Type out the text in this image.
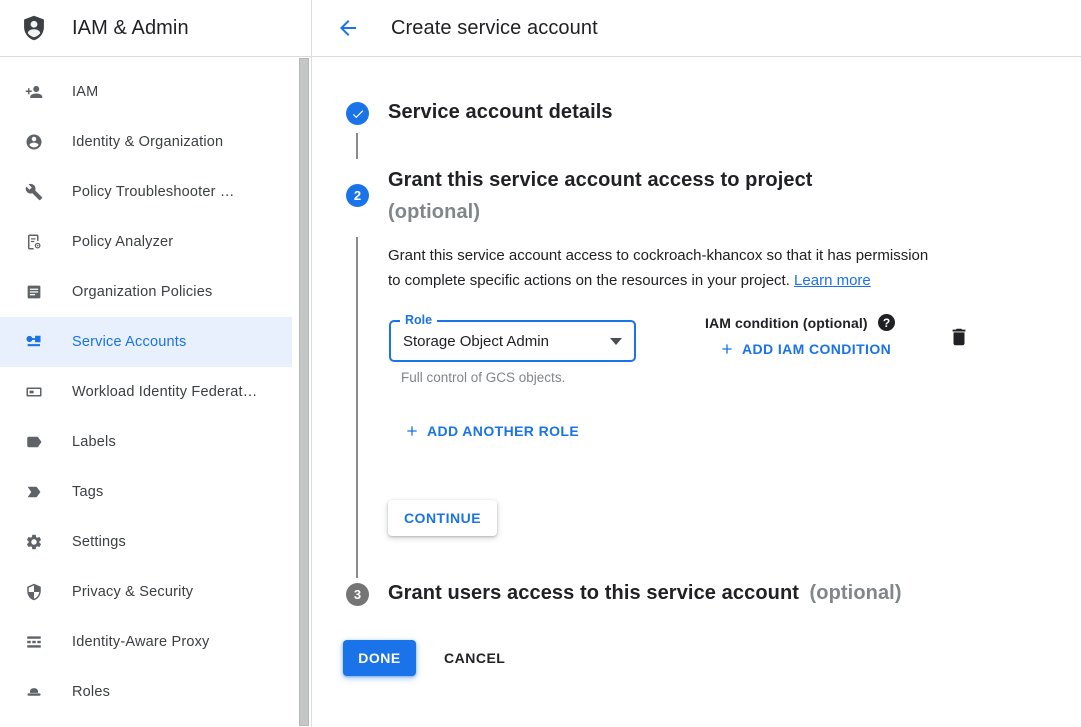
IAM & Admin	Create service account
IAM
Identity & Organization
Policy Troubleshooter …
Policy Analyzer
Organization Policies
Service Accounts
Workload Identity Federat…
Labels
Tags
Settings
Privacy & Security
Identity-Aware Proxy
Roles
Service account details
2
Grant this service account access to project
(optional)

Grant this service account access to cockroach-khancox so that it has permission
to complete specific actions on the resources in your project. Learn more

Role
Storage Object Admin
Full control of GCS objects.
IAM condition (optional) ?
ADD IAM CONDITION
ADD ANOTHER ROLE
CONTINUE
3 Grant users access to this service account (optional)
DONE	CANCEL
